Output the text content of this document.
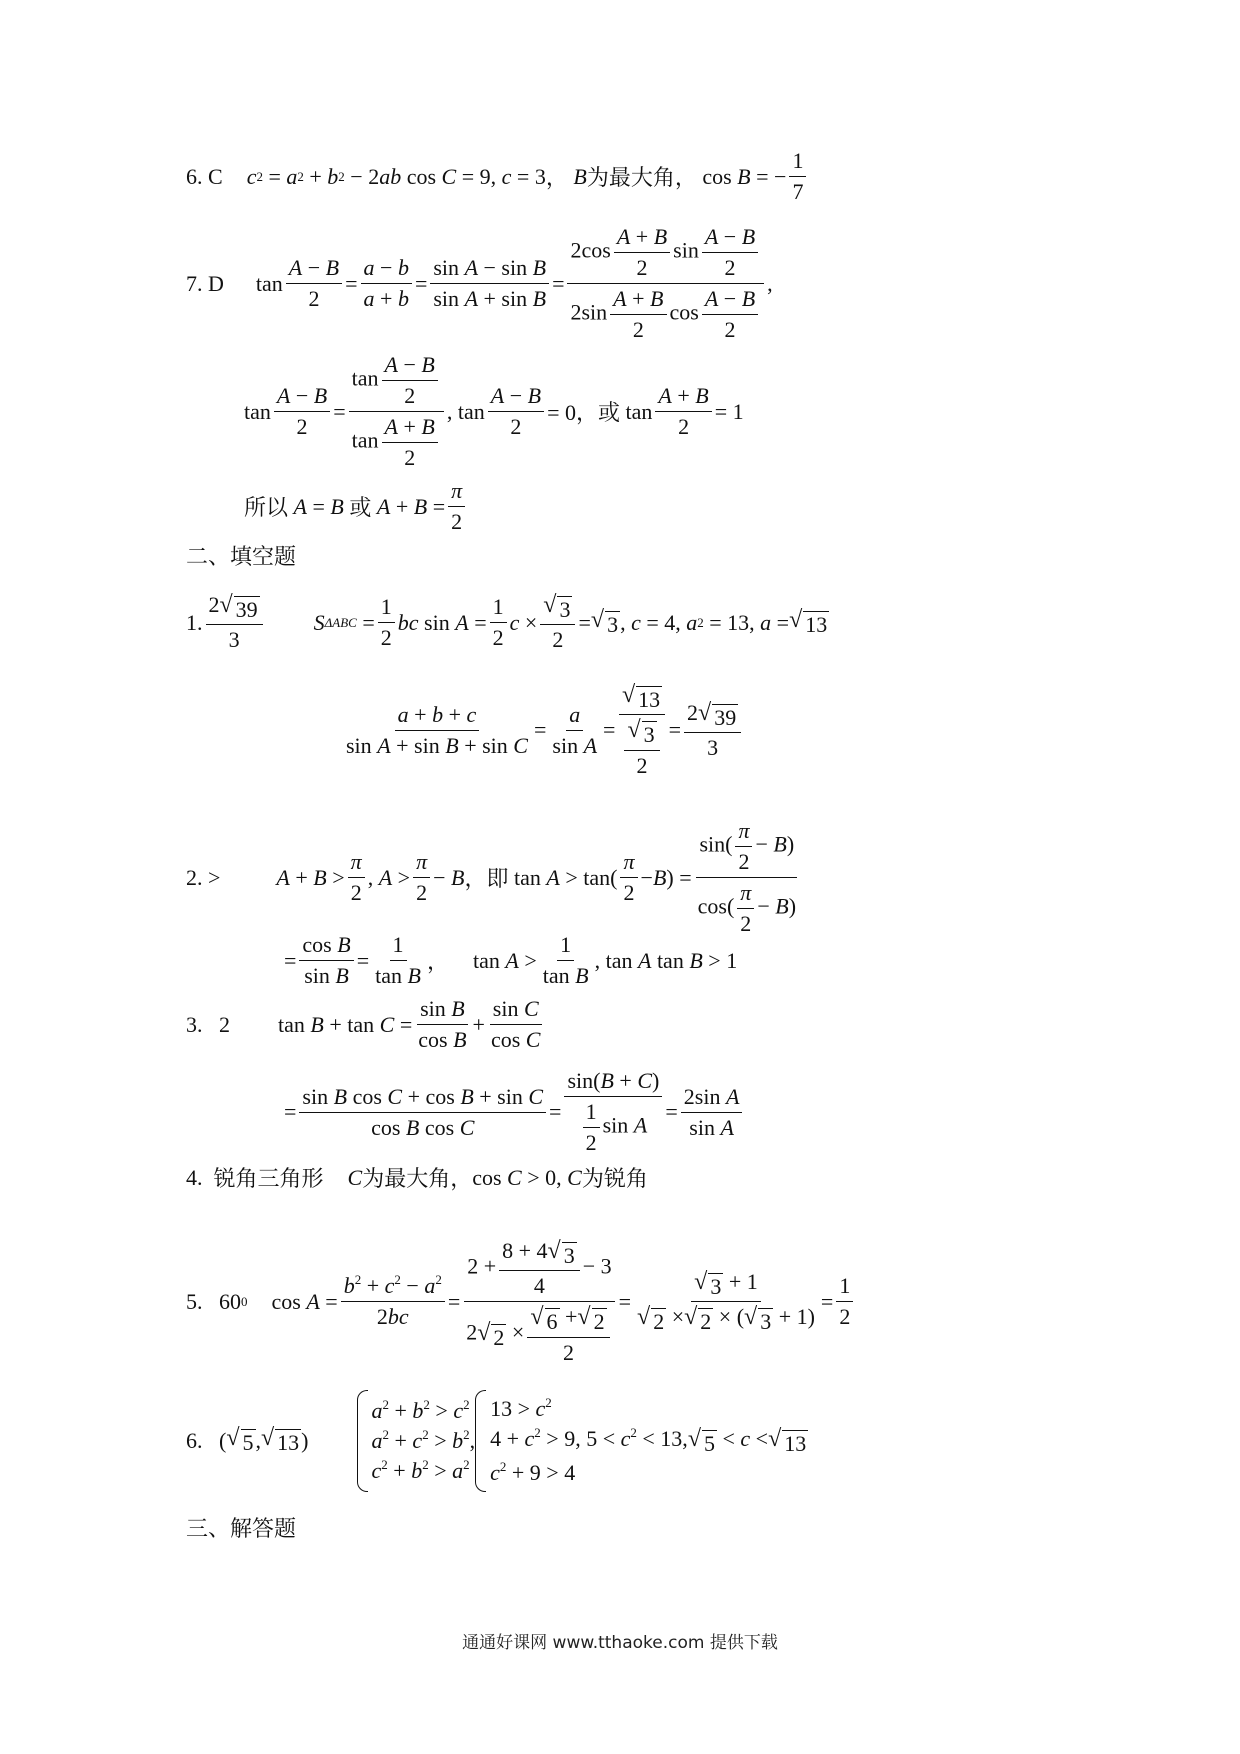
6. C c 2 = a 2 + b 2 − 2 ab cos C = 9, c = 3 ， B 为最大角， cos B = − $\frac{1}{7}$
7. D $\tan \frac{A - B}{2} = \frac{a - b}{a + b} = \frac{\text{sin A − sin B}}{\text{sin A + sin B}} = \frac{2\cos \frac{A + B}{2} \sin \frac{A - B}{2}}{2\sin \frac{A + B}{2} \cos \frac{A - B}{2}}$ ,
$\tan \frac{A - B}{2} = \frac{\tan \frac{A - B}{2}}{\tan \frac{A + B}{2}}$ , $\tan \frac{A - B}{2} = 0$， 或 $\tan \frac{A + B}{2} = 1$
所以 A = B
或
$A + B = \frac{\pi}{2}$
二、填空题
1. $\frac{2 √ 39}{3}$ S $\Delta ABC = \frac{1}{2}$ bc $\sin A = \frac{1}{2}$ $c \times \frac{√ 3}{2}$ = √ 3 , c = 4, a 2 = 13, a = √ 13
$\frac{a + b + c}{\text{sin A + sin B + sin C}} = \frac{a}{\text{sin A}} = \frac{√ 13}{\frac{√ 3}{2}} = \frac{2 √ 39}{3}$
2. >	$A + B > \frac{\pi}{2}$ , $A > \frac{\pi}{2} - B$ ， 即 $\tan A > \tan( \frac{\pi}{2} - B$ ) = $\frac{\sin( \frac{\pi}{2} - B)}{\cos( \frac{\pi}{2} - B)}$
= $\frac{\text{cos B}}{\text{sin B}} = \frac{1}{\text{tan B}}$ ， $\tan A > \frac{1}{\text{tan B}}$ , tan A tan B > 1
3.
2 $\tan B + \tan C = \frac{\text{sin B}}{\text{cos B}} + \frac{\text{sin C}}{\text{cos C}}$
= $\frac{\text{sin B cos C + cos B + sin C}}{\text{cos B cos C}} = \frac{\sin(B + C)}{\frac{1}{2} \sin A} = \frac{\text{2sin A}}{\text{sin A}}$
4.
锐角三角形 C 为最大角， cos C > 0, C 为锐角
5.
60 0 $\cos A = \frac{b^2 + c^2 - a^2}{2bc} = \frac{2 + \frac{8 + 4 √ 3}{4} - 3}{2 √ 2 \times \frac{√ 6 + √ 2}{2}} = \frac{√ 3 + 1}{√ 2 \times √ 2 \times ( √ 3 + 1)} = \frac{1}{2}$
6. ( √ 5 , √ 13 )
$a^2 + b^2 > c^2$
$a^2 + c^2 > b^2$
$c^2 + b^2 > a^2$
,
$13 > c^2$
$4 + c^2 > 9$, $5 < c^2 < 13$, √ 5 < c < √ 13
$c^2 + 9 > 4$
三、解答题
通通好课网 www.tthaoke.com 提供下载
